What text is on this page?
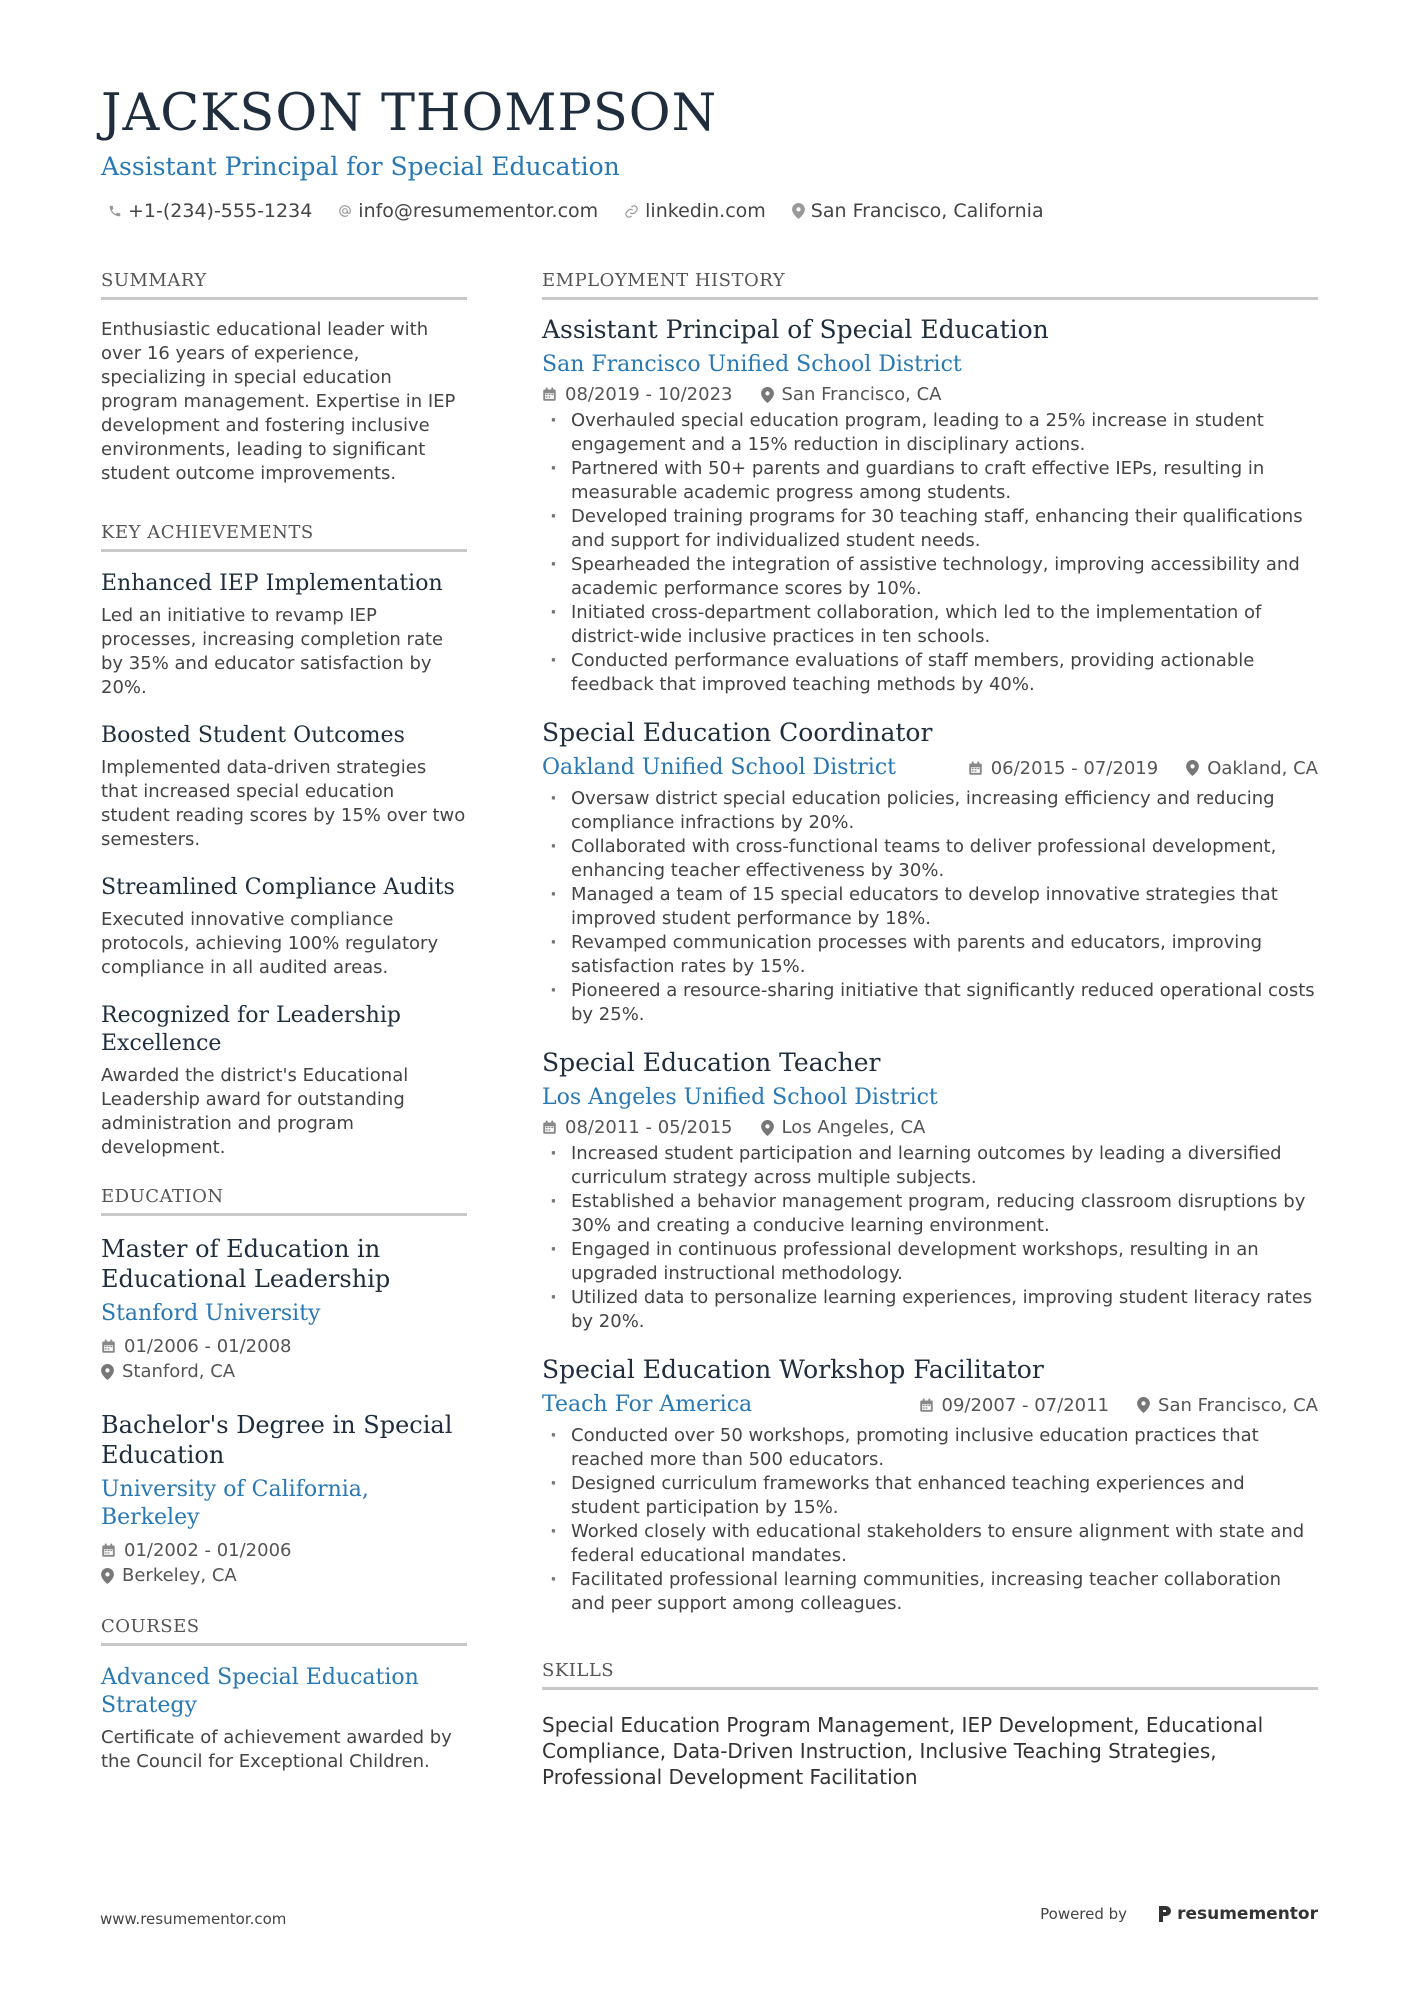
JACKSON THOMPSON
Assistant Principal for Special Education
+1-(234)-555-1234 info@resumementor.com linkedin.com San Francisco, California
SUMMARY
Enthusiastic educational leader with over 16 years of experience, specializing in special education program management. Expertise in IEP development and fostering inclusive environments, leading to significant student outcome improvements.
KEY ACHIEVEMENTS
Enhanced IEP Implementation
Led an initiative to revamp IEP processes, increasing completion rate by 35% and educator satisfaction by 20%.
Boosted Student Outcomes
Implemented data-driven strategies that increased special education student reading scores by 15% over two semesters.
Streamlined Compliance Audits
Executed innovative compliance protocols, achieving 100% regulatory compliance in all audited areas.
Recognized for Leadership Excellence
Awarded the district's Educational Leadership award for outstanding administration and program development.
EDUCATION
Master of Education in Educational Leadership
Stanford University
01/2006 - 01/2008
Stanford, CA
Bachelor's Degree in Special Education
University of California, Berkeley
01/2002 - 01/2006
Berkeley, CA
COURSES
Advanced Special Education Strategy
Certificate of achievement awarded by the Council for Exceptional Children.
EMPLOYMENT HISTORY
Assistant Principal of Special Education
San Francisco Unified School District
08/2019 - 10/2023	San Francisco, CA
· Overhauled special education program, leading to a 25% increase in student engagement and a 15% reduction in disciplinary actions.
· Partnered with 50+ parents and guardians to craft effective IEPs, resulting in measurable academic progress among students.
· Developed training programs for 30 teaching staff, enhancing their qualifications and support for individualized student needs.
· Spearheaded the integration of assistive technology, improving accessibility and academic performance scores by 10%.
· Initiated cross-department collaboration, which led to the implementation of district-wide inclusive practices in ten schools.
· Conducted performance evaluations of staff members, providing actionable feedback that improved teaching methods by 40%.
Special Education Coordinator
Oakland Unified School District	06/2015 - 07/2019	Oakland, CA
· Oversaw district special education policies, increasing efficiency and reducing compliance infractions by 20%.
· Collaborated with cross-functional teams to deliver professional development, enhancing teacher effectiveness by 30%.
· Managed a team of 15 special educators to develop innovative strategies that improved student performance by 18%.
· Revamped communication processes with parents and educators, improving satisfaction rates by 15%.
· Pioneered a resource-sharing initiative that significantly reduced operational costs by 25%.
Special Education Teacher
Los Angeles Unified School District
08/2011 - 05/2015	Los Angeles, CA
· Increased student participation and learning outcomes by leading a diversified curriculum strategy across multiple subjects.
· Established a behavior management program, reducing classroom disruptions by 30% and creating a conducive learning environment.
· Engaged in continuous professional development workshops, resulting in an upgraded instructional methodology.
· Utilized data to personalize learning experiences, improving student literacy rates by 20%.
Special Education Workshop Facilitator
Teach For America	09/2007 - 07/2011	San Francisco, CA
· Conducted over 50 workshops, promoting inclusive education practices that reached more than 500 educators.
· Designed curriculum frameworks that enhanced teaching experiences and student participation by 15%.
· Worked closely with educational stakeholders to ensure alignment with state and federal educational mandates.
· Facilitated professional learning communities, increasing teacher collaboration and peer support among colleagues.
SKILLS
Special Education Program Management, IEP Development, Educational Compliance, Data-Driven Instruction, Inclusive Teaching Strategies, Professional Development Facilitation
www.resumementor.com	Powered by	resumementor
